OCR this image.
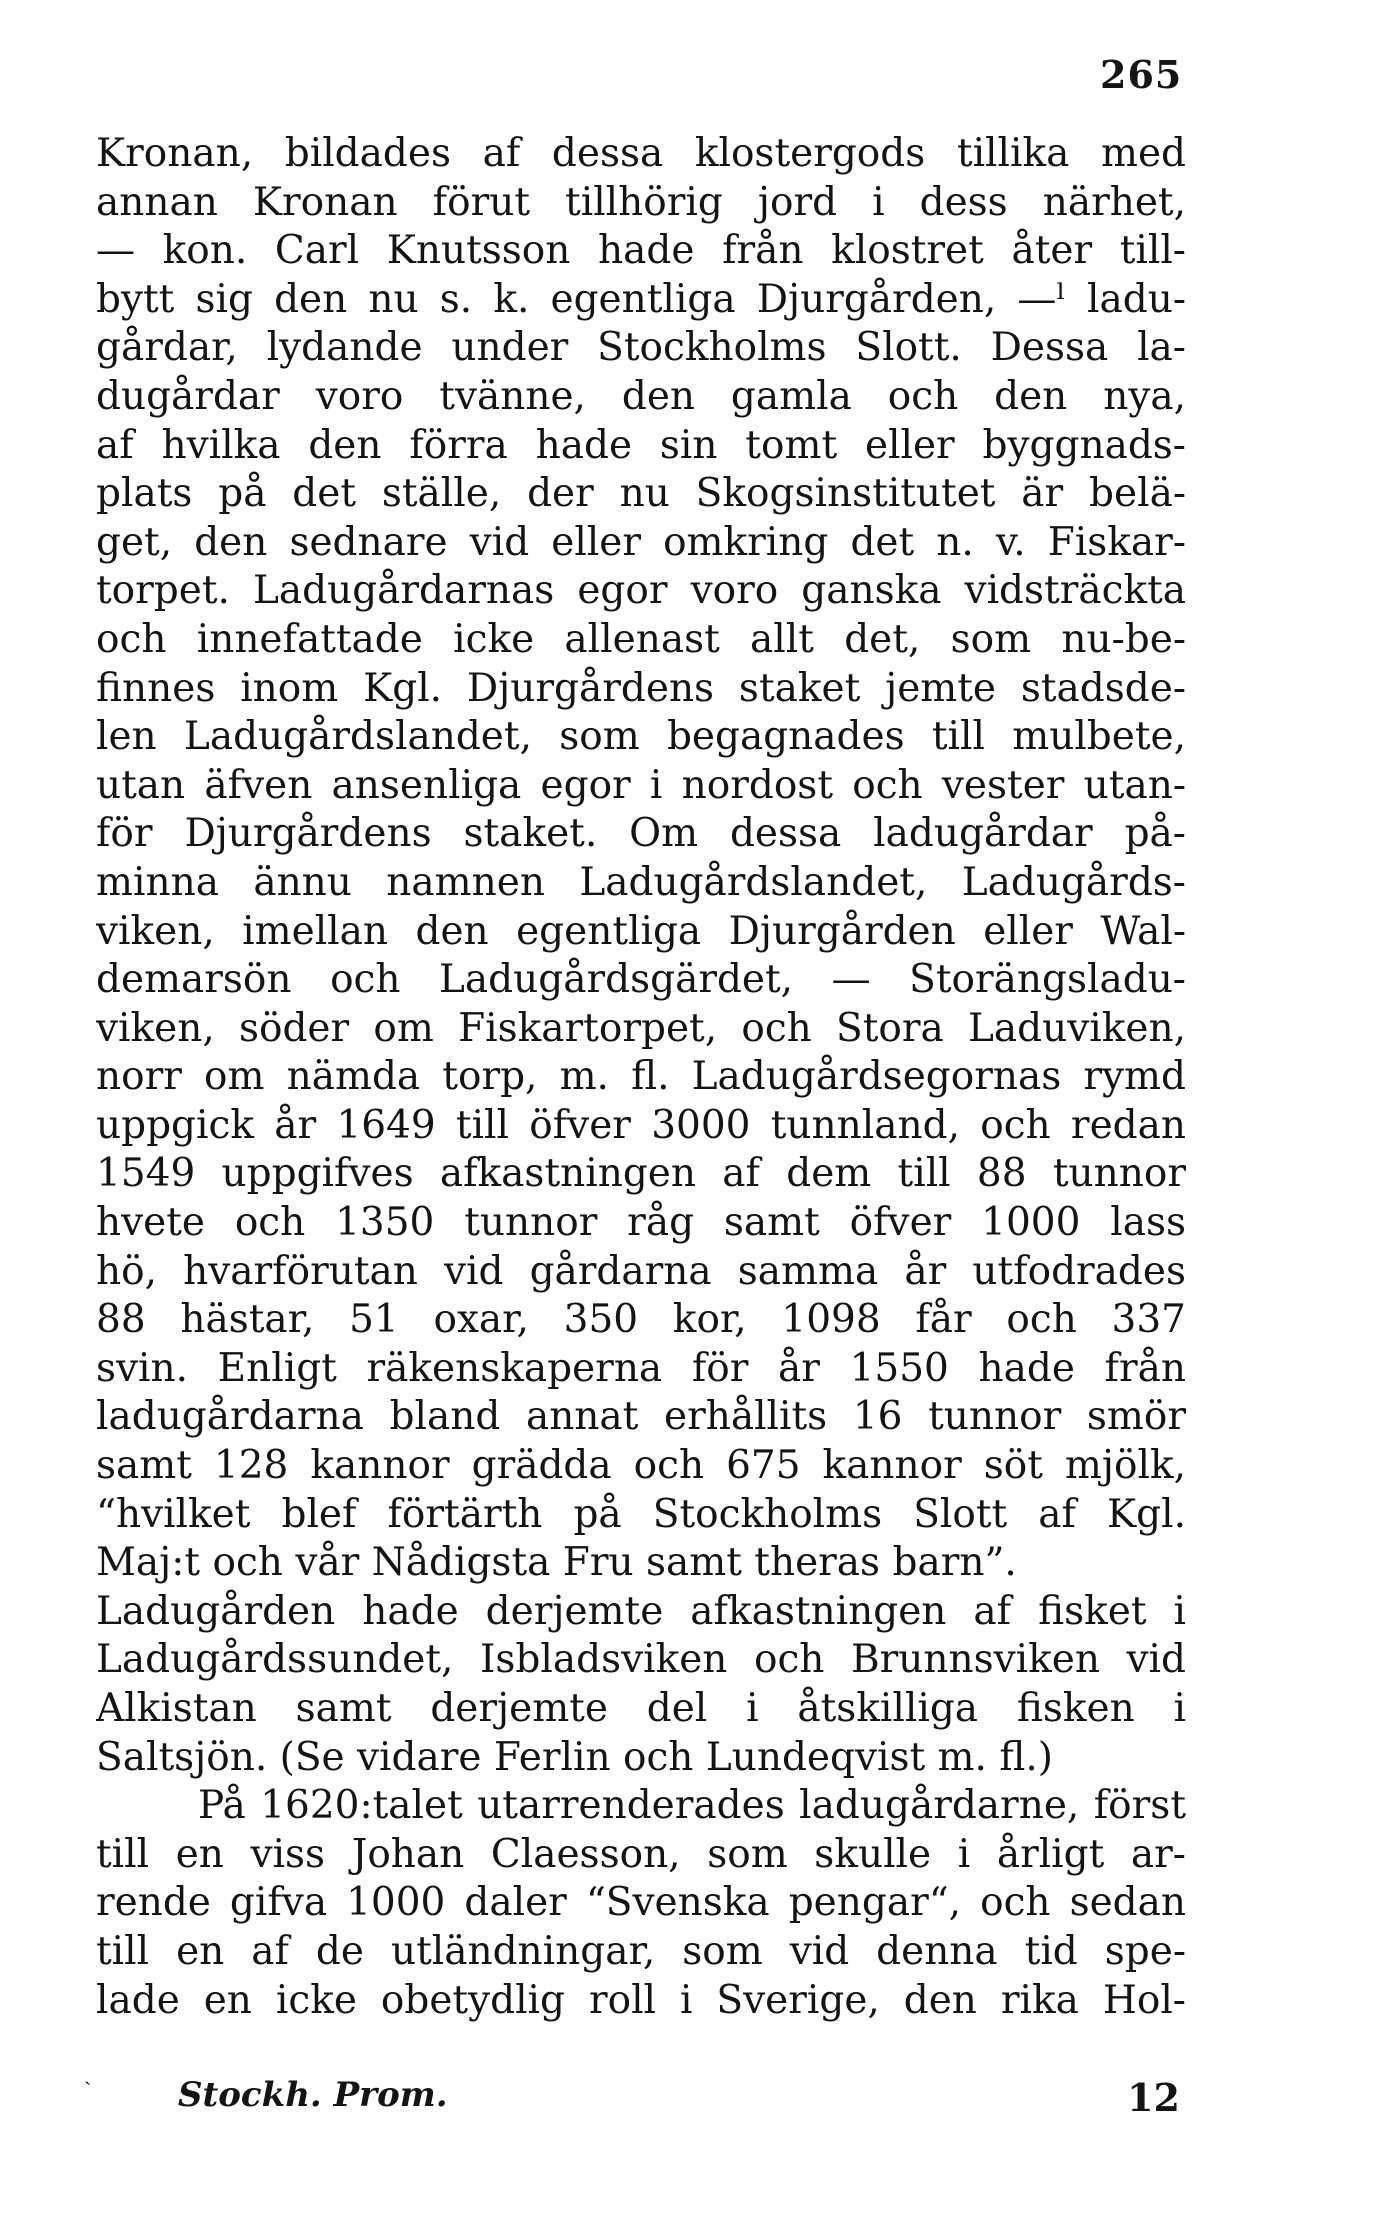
265
Kronan, bildades af dessa klostergods tillika med
annan Kronan förut tillhörig jord i dess närhet,
— kon. Carl Knutsson hade från klostret åter till-
bytt sig den nu s. k. egentliga Djurgården, —ˡ ladu-
gårdar, lydande under Stockholms Slott. Dessa la-
dugårdar voro tvänne, den gamla och den nya,
af hvilka den förra hade sin tomt eller byggnads-
plats på det ställe, der nu Skogsinstitutet är belä-
get, den sednare vid eller omkring det n. v. Fiskar-
torpet. Ladugårdarnas egor voro ganska vidsträckta
och innefattade icke allenast allt det, som nu-be-
finnes inom Kgl. Djurgårdens staket jemte stadsde-
len Ladugårdslandet, som begagnades till mulbete,
utan äfven ansenliga egor i nordost och vester utan-
för Djurgårdens staket. Om dessa ladugårdar på-
minna ännu namnen Ladugårdslandet, Ladugårds-
viken, imellan den egentliga Djurgården eller Wal-
demarsön och Ladugårdsgärdet, — Storängsladu-
viken, söder om Fiskartorpet, och Stora Laduviken,
norr om nämda torp, m. fl. Ladugårdsegornas rymd
uppgick år 1649 till öfver 3000 tunnland, och redan
1549 uppgifves afkastningen af dem till 88 tunnor
hvete och 1350 tunnor råg samt öfver 1000 lass
hö, hvarförutan vid gårdarna samma år utfodrades
88 hästar, 51 oxar, 350 kor, 1098 får och 337
svin. Enligt räkenskaperna för år 1550 hade från
ladugårdarna bland annat erhållits 16 tunnor smör
samt 128 kannor grädda och 675 kannor söt mjölk,
“hvilket blef förtärth på Stockholms Slott af Kgl.
Maj:t och vår Nådigsta Fru samt theras barn”.
Ladugården hade derjemte afkastningen af fisket i
Ladugårdssundet, Isbladsviken och Brunnsviken vid
Alkistan samt derjemte del i åtskilliga fisken i
Saltsjön. (Se vidare Ferlin och Lundeqvist m. fl.)
På 1620:talet utarrenderades ladugårdarne, först
till en viss Johan Claesson, som skulle i årligt ar-
rende gifva 1000 daler “Svenska pengar“, och sedan
till en af de utländningar, som vid denna tid spe-
lade en icke obetydlig roll i Sverige, den rika Hol-
ˏ
Stockh. Prom.	12
